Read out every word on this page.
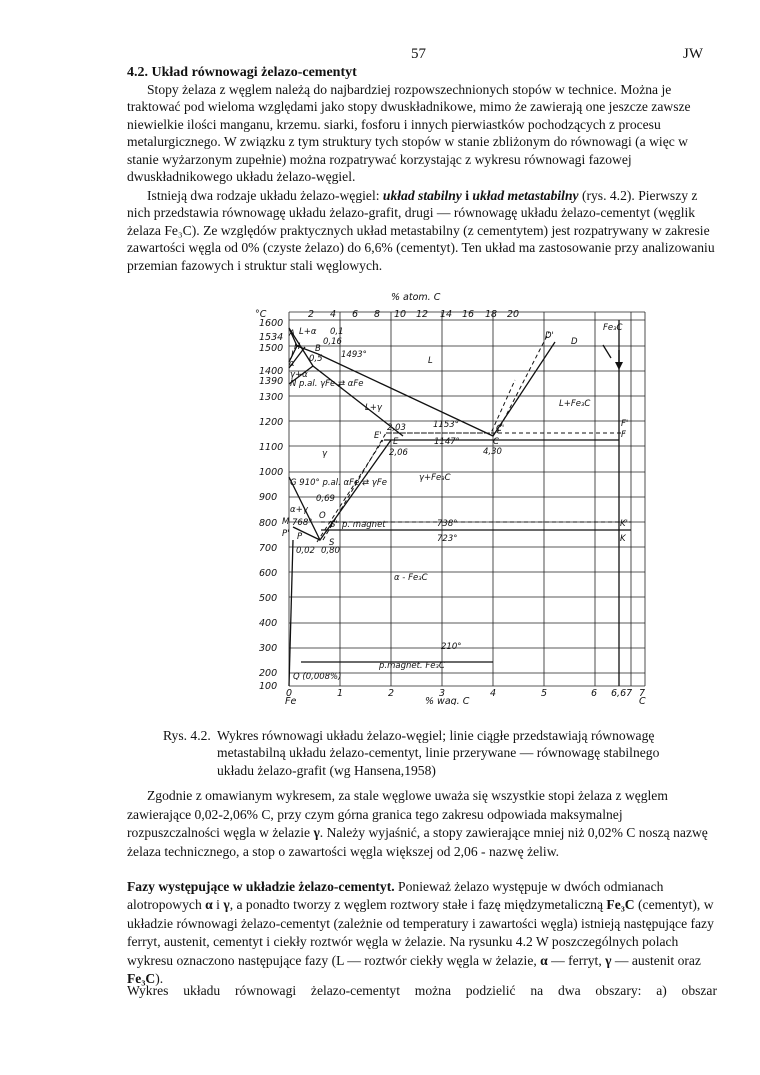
57	JW
4.2. Układ równowagi żelazo-cementyt
Stopy żelaza z węglem należą do najbardziej rozpowszechnionych stopów w technice. Można je traktować pod wieloma względami jako stopy dwuskładnikowe, mimo że zawierają one jeszcze zawsze niewielkie ilości manganu, krzemu. siarki, fosforu i innych pierwiastków pochodzących z procesu metalurgicznego. W związku z tym struktury tych stopów w stanie zbliżonym do równowagi (a więc w stanie wyżarzonym zupełnie) można rozpatrywać korzystając z wykresu równowagi fazowej dwuskładnikowego układu żelazo-węgiel.
Istnieją dwa rodzaje układu żelazo-węgiel: układ stabilny i układ metastabilny (rys. 4.2). Pierwszy z nich przedstawia równowagę układu żelazo-grafit, drugi — równowagę układu żelazo-cementyt (węglik żelaza Fe₃C). Ze względów praktycznych układ metastabilny (z cementytem) jest rozpatrywany w zakresie zawartości węgla od 0% (czyste żelazo) do 6,6% (cementyt). Ten układ ma zastosowanie przy analizowaniu przemian fazowych i struktur stali węglowych.
% atom. C
°C	2 4 6 8 10 12 14 16 18 20
1600
1534
1500
1400
1390
1300
1200
1100
1000
900
800
700
600
500
400
300
200
100
0	1	2	3	4	5	6 6,67 7
Fe	C
% wag. C
L+α 0,1
0,16
A
H B
J 0,5 1493°
α
γ+α
N p.al. γFe ⇄ αFe
L
L+γ
γ
2,03
E'
E
2,06
1153°
1147°
C'
C
4,30
D'
D
Fe₃C
L+Fe₃C
F'
F
G 910° p.al. αFe ⇄ γFe	γ+Fe₃C
0,69
α+γ
O
768°
M	S' p. magnet	738°	K'
P' P
S	723°	K
0,02 0,80
α - Fe₃C
210°
p.magnet. Fe₃C
Q (0,008%)
Rys. 4.2. Wykres równowagi układu żelazo-węgiel; linie ciągłe przedstawiają równowagę
metastabilną układu żelazo-cementyt, linie przerywane — równowagę stabilnego
układu żelazo-grafit (wg Hansena,1958)
Zgodnie z omawianym wykresem, za stale węglowe uważa się wszystkie stopi żelaza z węglem zawierające 0,02-2,06% C, przy czym górna granica tego zakresu odpowiada maksymalnej rozpuszczalności węgla w żelazie γ. Należy wyjaśnić, a stopy zawierające mniej niż 0,02% C noszą nazwę żelaza technicznego, a stop o zawartości węgla większej od 2,06 - nazwę żeliw.
Fazy występujące w układzie żelazo-cementyt. Ponieważ żelazo występuje w dwóch odmianach alotropowych α i γ, a ponadto tworzy z węglem roztwory stałe i fazę międzymetaliczną Fe₃C (cementyt), w układzie równowagi żelazo-cementyt (zależnie od temperatury i zawartości węgla) istnieją następujące fazy ferryt, austenit, cementyt i ciekły roztwór węgla w żelazie. Na rysunku 4.2 W poszczególnych polach wykresu oznaczono następujące fazy (L — roztwór ciekły węgla w żelazie, α — ferryt, γ — austenit oraz Fe₃C).
Wykres układu równowagi żelazo-cementyt można podzielić na dwa obszary: a) obszar
